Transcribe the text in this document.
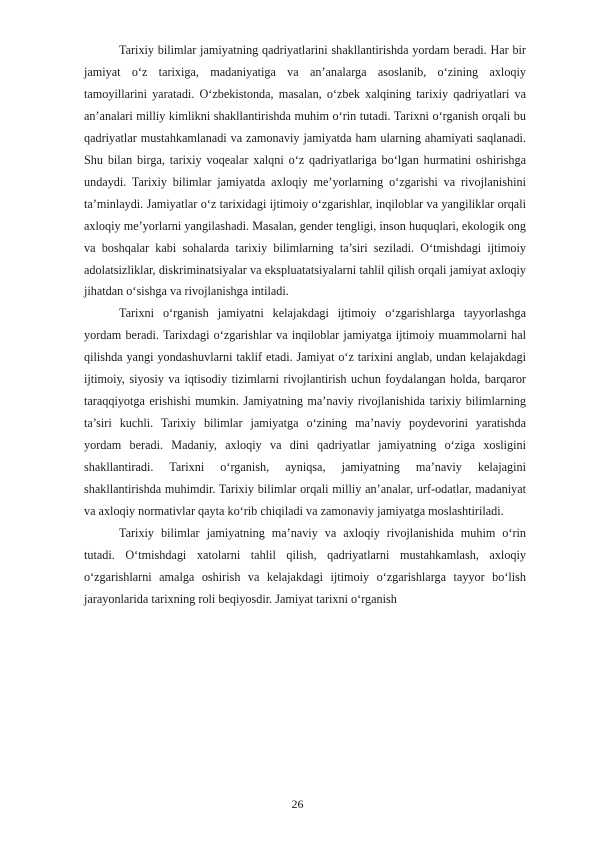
Tarixiy bilimlar jamiyatning qadriyatlarini shakllantirishda yordam beradi. Har bir jamiyat o‘z tarixiga, madaniyatiga va an’analarga asoslanib, o‘zining axloqiy tamoyillarini yaratadi. O‘zbekistonda, masalan, o‘zbek xalqining tarixiy qadriyatlari va an’analari milliy kimlikni shakllantirishda muhim o‘rin tutadi. Tarixni o‘rganish orqali bu qadriyatlar mustahkamlanadi va zamonaviy jamiyatda ham ularning ahamiyati saqlanadi. Shu bilan birga, tarixiy voqealar xalqni o‘z qadriyatlariga bo‘lgan hurmatini oshirishga undaydi. Tarixiy bilimlar jamiyatda axloqiy me’yorlarning o‘zgarishi va rivojlanishini ta’minlaydi. Jamiyatlar o‘z tarixidagi ijtimoiy o‘zgarishlar, inqiloblar va yangiliklar orqali axloqiy me’yorlarni yangilashadi. Masalan, gender tengligi, inson huquqlari, ekologik ong va boshqalar kabi sohalarda tarixiy bilimlarning ta’siri seziladi. O‘tmishdagi ijtimoiy adolatsizliklar, diskriminatsiyalar va ekspluatatsiyalarni tahlil qilish orqali jamiyat axloqiy jihatdan o‘sishga va rivojlanishga intiladi.

Tarixni o‘rganish jamiyatni kelajakdagi ijtimoiy o‘zgarishlarga tayyorlashga yordam beradi. Tarixdagi o‘zgarishlar va inqiloblar jamiyatga ijtimoiy muammolarni hal qilishda yangi yondashuvlarni taklif etadi. Jamiyat o‘z tarixini anglab, undan kelajakdagi ijtimoiy, siyosiy va iqtisodiy tizimlarni rivojlantirish uchun foydalangan holda, barqaror taraqqiyotga erishishi mumkin. Jamiyatning ma’naviy rivojlanishida tarixiy bilimlarning ta’siri kuchli. Tarixiy bilimlar jamiyatga o‘zining ma’naviy poydevorini yaratishda yordam beradi. Madaniy, axloqiy va dini qadriyatlar jamiyatning o‘ziga xosligini shakllantiradi. Tarixni o‘rganish, ayniqsa, jamiyatning ma’naviy kelajagini shakllantirishda muhimdir. Tarixiy bilimlar orqali milliy an’analar, urf-odatlar, madaniyat va axloqiy normativlar qayta ko‘rib chiqiladi va zamonaviy jamiyatga moslashtiriladi.

Tarixiy bilimlar jamiyatning ma’naviy va axloqiy rivojlanishida muhim o‘rin tutadi. O‘tmishdagi xatolarni tahlil qilish, qadriyatlarni mustahkamlash, axloqiy o‘zgarishlarni amalga oshirish va kelajakdagi ijtimoiy o‘zgarishlarga tayyor bo‘lish jarayonlarida tarixning roli beqiyosdir. Jamiyat tarixni o‘rganish

26
